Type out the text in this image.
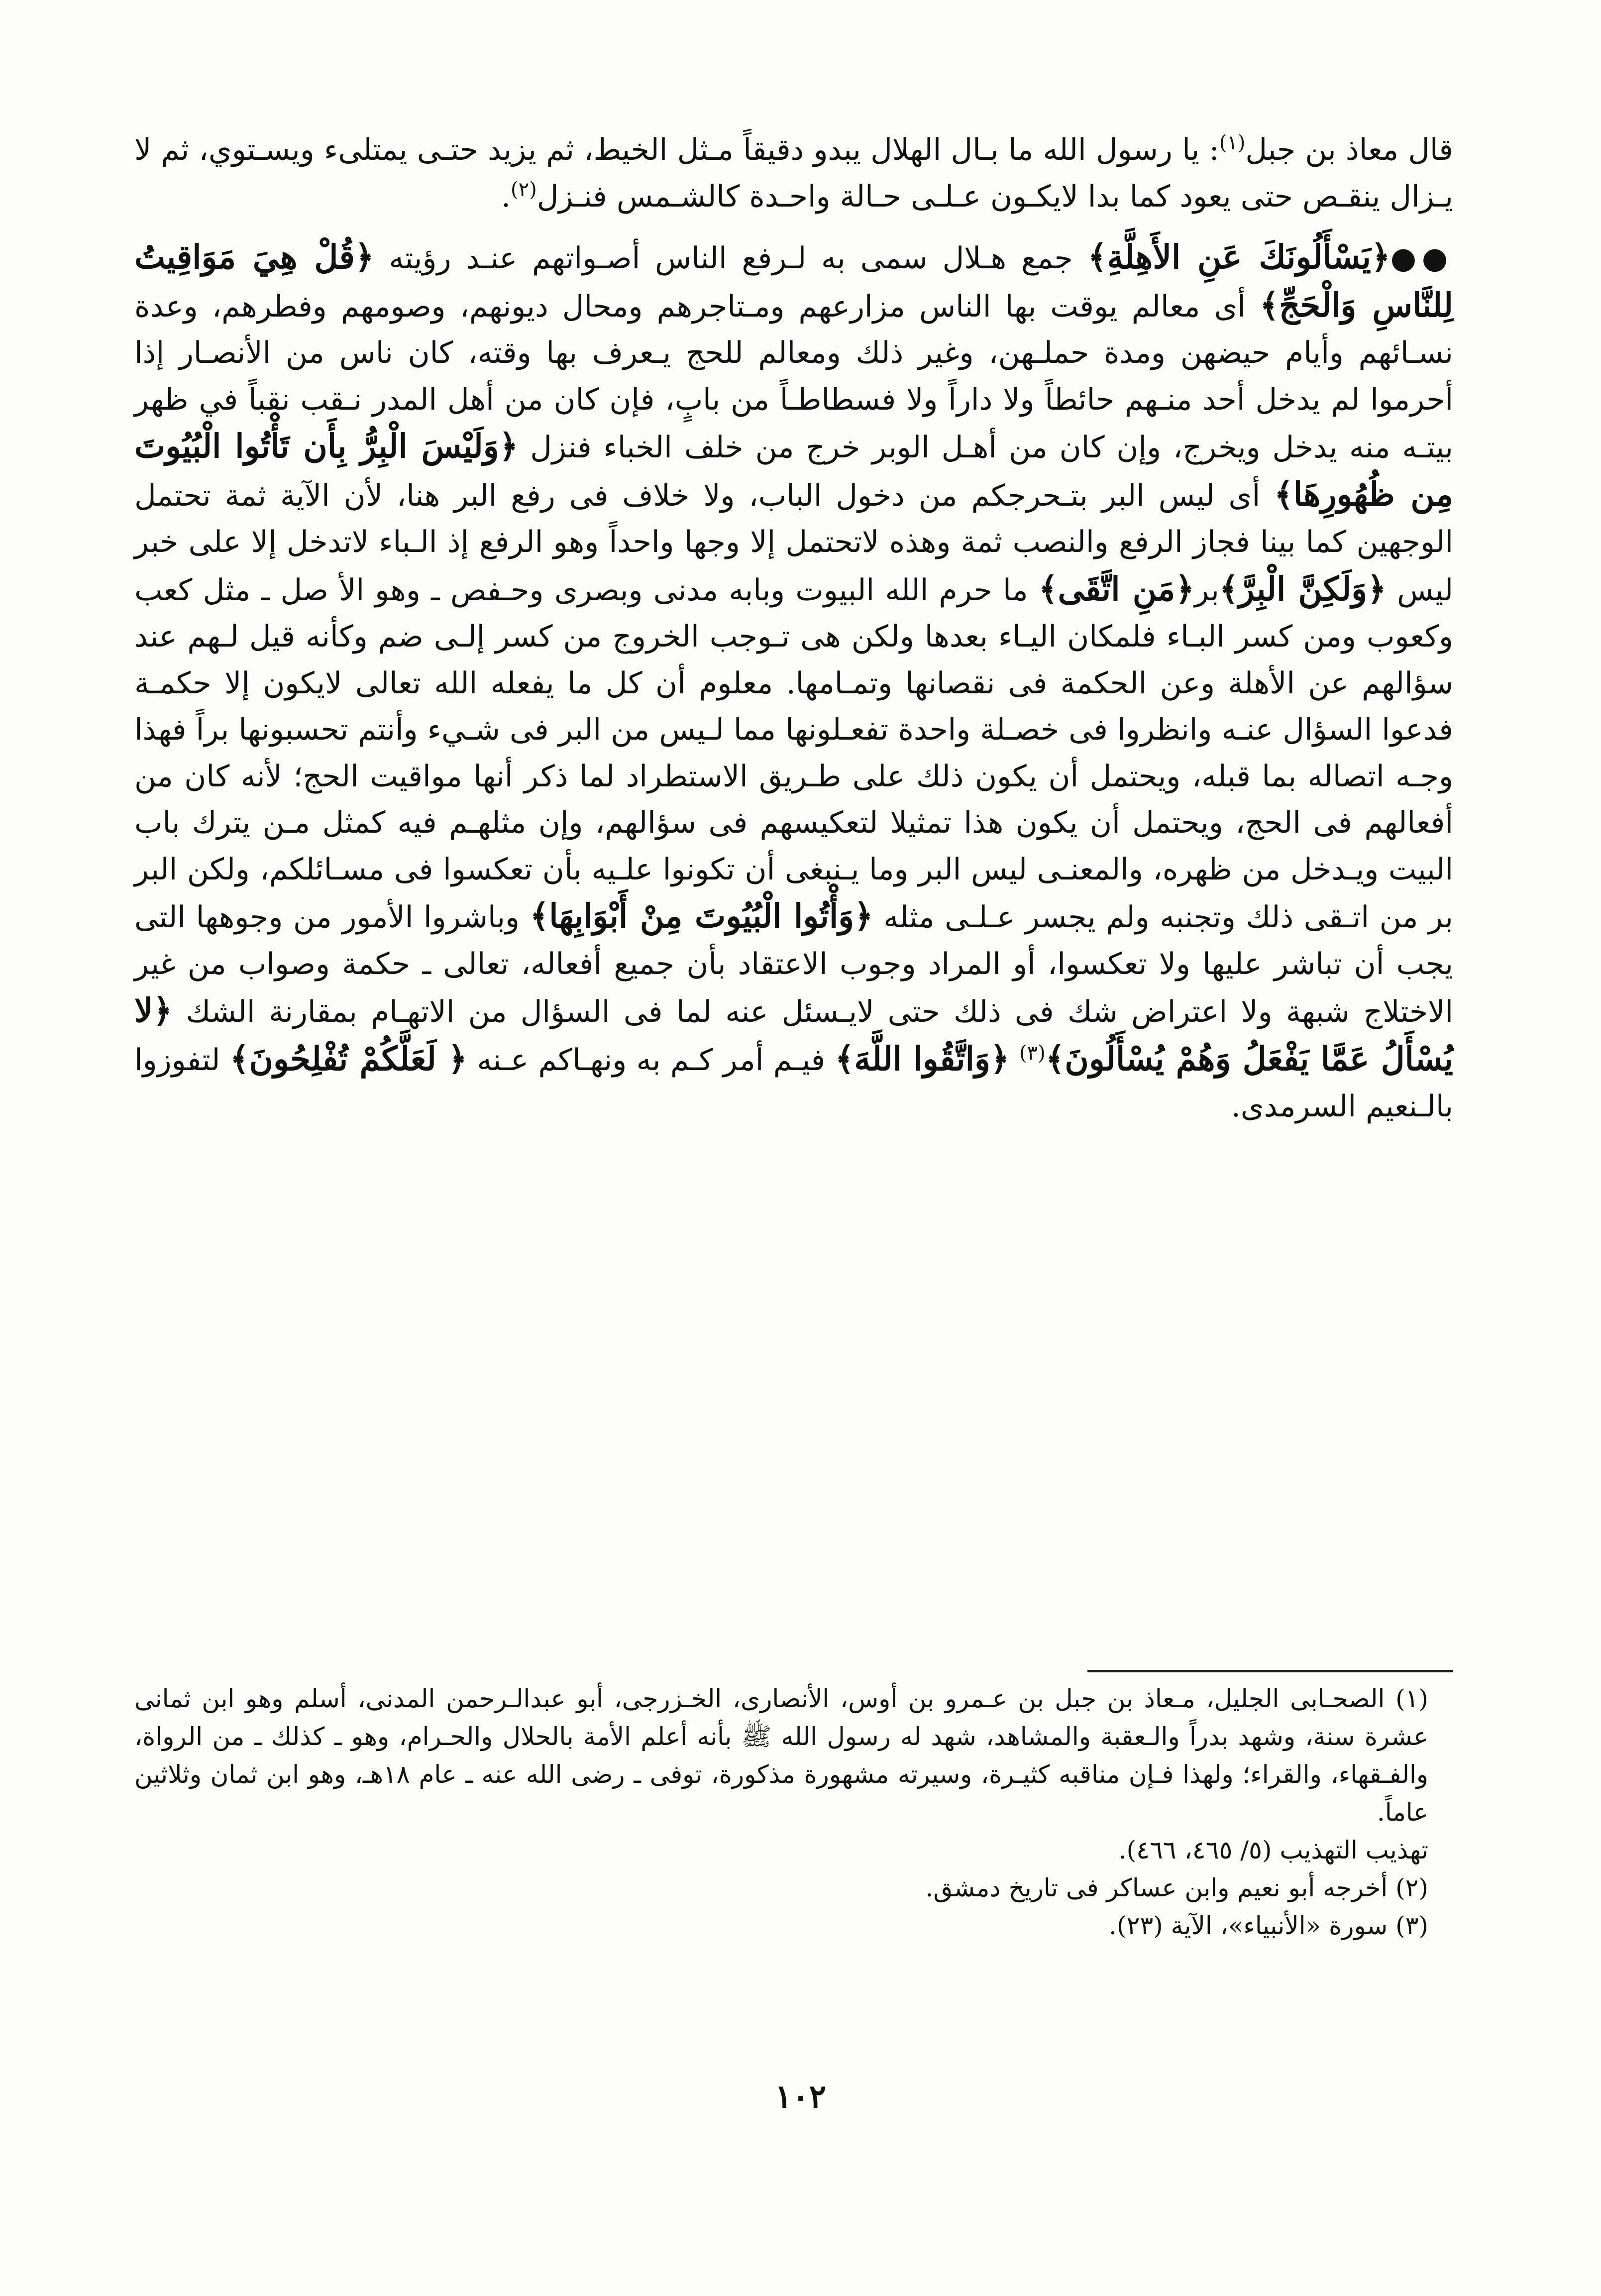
قال معاذ بن جبل$^{(١)}$: يا رسول الله ما بـال الهلال يبدو دقيقاً مـثل الخيط، ثم يزيد حتـى يمتلىء ويسـتوي، ثم لا يـزال ينقـص حتى يعود كما بدا لايكـون عـلـى حـالة واحـدة كالشـمس فنـزل$^{(٢)}$.

●●﴿يَسْأَلُونَكَ عَنِ الأَهِلَّةِ﴾ جمع هـلال سمى به لـرفع الناس أصـواتهم عنـد رؤيته ﴿قُلْ هِيَ مَوَاقِيتُ لِلنَّاسِ وَالْحَجِّ﴾ أى معالم يوقت بها الناس مزارعهم ومـتاجرهم ومحال ديونهم، وصومهم وفطرهم، وعدة نسـائهم وأيام حيضهن ومدة حملـهن، وغير ذلك ومعالم للحج يـعرف بها وقته، كان ناس من الأنصـار إذا أحرموا لم يدخل أحد منـهم حائطاً ولا داراً ولا فسطاطـاً من بابٍ، فإن كان من أهل المدر نـقب نقباً في ظهر بيتـه منه يدخل ويخرج، وإن كان من أهـل الوبر خرج من خلف الخباء فنزل ﴿وَلَيْسَ الْبِرُّ بِأَن تَأْتُوا الْبُيُوتَ مِن ظُهُورِهَا﴾ أى ليس البر بتـحرجكم من دخول الباب، ولا خلاف فى رفع البر هنا، لأن الآية ثمة تحتمل الوجهين كما بينا فجاز الرفع والنصب ثمة وهذه لاتحتمل إلا وجها واحداً وهو الرفع إذ الـباء لاتدخل إلا على خبر ليس ﴿وَلَكِنَّ الْبِرَّ﴾بر﴿مَنِ اتَّقَى﴾ ما حرم الله البيوت وبابه مدنى وبصرى وحـفص ـ وهو الأ صل ـ مثل كعب وكعوب ومن كسر البـاء فلمكان اليـاء بعدها ولكن هى تـوجب الخروج من كسر إلـى ضم وكأنه قيل لـهم عند سؤالهم عن الأهلة وعن الحكمة فى نقصانها وتمـامها. معلوم أن كل ما يفعله الله تعالى لايكون إلا حكمـة فدعوا السؤال عنـه وانظروا فى خصـلة واحدة تفعـلونها مما لـيس من البر فى شـيء وأنتم تحسبونها براً فهذا وجـه اتصاله بما قبله، ويحتمل أن يكون ذلك على طـريق الاستطراد لما ذكر أنها مواقيت الحج؛ لأنه كان من أفعالهم فى الحج، ويحتمل أن يكون هذا تمثيلا لتعكيسهم فى سؤالهم، وإن مثلهـم فيه كمثل مـن يترك باب البيت ويـدخل من ظهره، والمعنـى ليس البر وما يـنبغى أن تكونوا علـيه بأن تعكسوا فى مسـائلكم، ولكن البر بر من اتـقى ذلك وتجنبه ولم يجسر عـلـى مثله ﴿وَأْتُوا الْبُيُوتَ مِنْ أَبْوَابِهَا﴾ وباشروا الأمور من وجوهها التى يجب أن تباشر عليها ولا تعكسوا، أو المراد وجوب الاعتقاد بأن جميع أفعاله، تعالى ـ حكمة وصواب من غير الاختلاج شبهة ولا اعتراض شك فى ذلك حتى لايـسئل عنه لما فى السؤال من الاتهـام بمقارنة الشك ﴿لا يُسْأَلُ عَمَّا يَفْعَلُ وَهُمْ يُسْأَلُونَ﴾$^{(٣)}$ ﴿وَاتَّقُوا اللَّهَ﴾ فيـم أمر كـم به ونهـاكم عـنه ﴿ لَعَلَّكُمْ تُفْلِحُونَ﴾ لتفوزوا بالـنعيم السرمدى.

(١) الصحـابى الجليل، مـعاذ بن جبل بن عـمرو بن أوس، الأنصارى، الخـزرجى، أبو عبدالـرحمن المدنى، أسلم وهو ابن ثمانى عشرة سنة، وشهد بدراً والـعقبة والمشاهد، شهد له رسول الله ﷺ بأنه أعلم الأمة بالحلال والحـرام، وهو ـ كذلك ـ من الرواة، والفـقهاء، والقراء؛ ولهذا فـإن مناقبه كثيـرة، وسيرته مشهورة مذكورة، توفى ـ رضى الله عنه ـ عام ١٨هـ، وهو ابن ثمان وثلاثين عاماً.

تهذيب التهذيب (٥/ ٤٦٥، ٤٦٦).

(٢) أخرجه أبو نعيم وابن عساكر فى تاريخ دمشق.

(٣) سورة «الأنبياء»، الآية (٢٣).

١٠٢
